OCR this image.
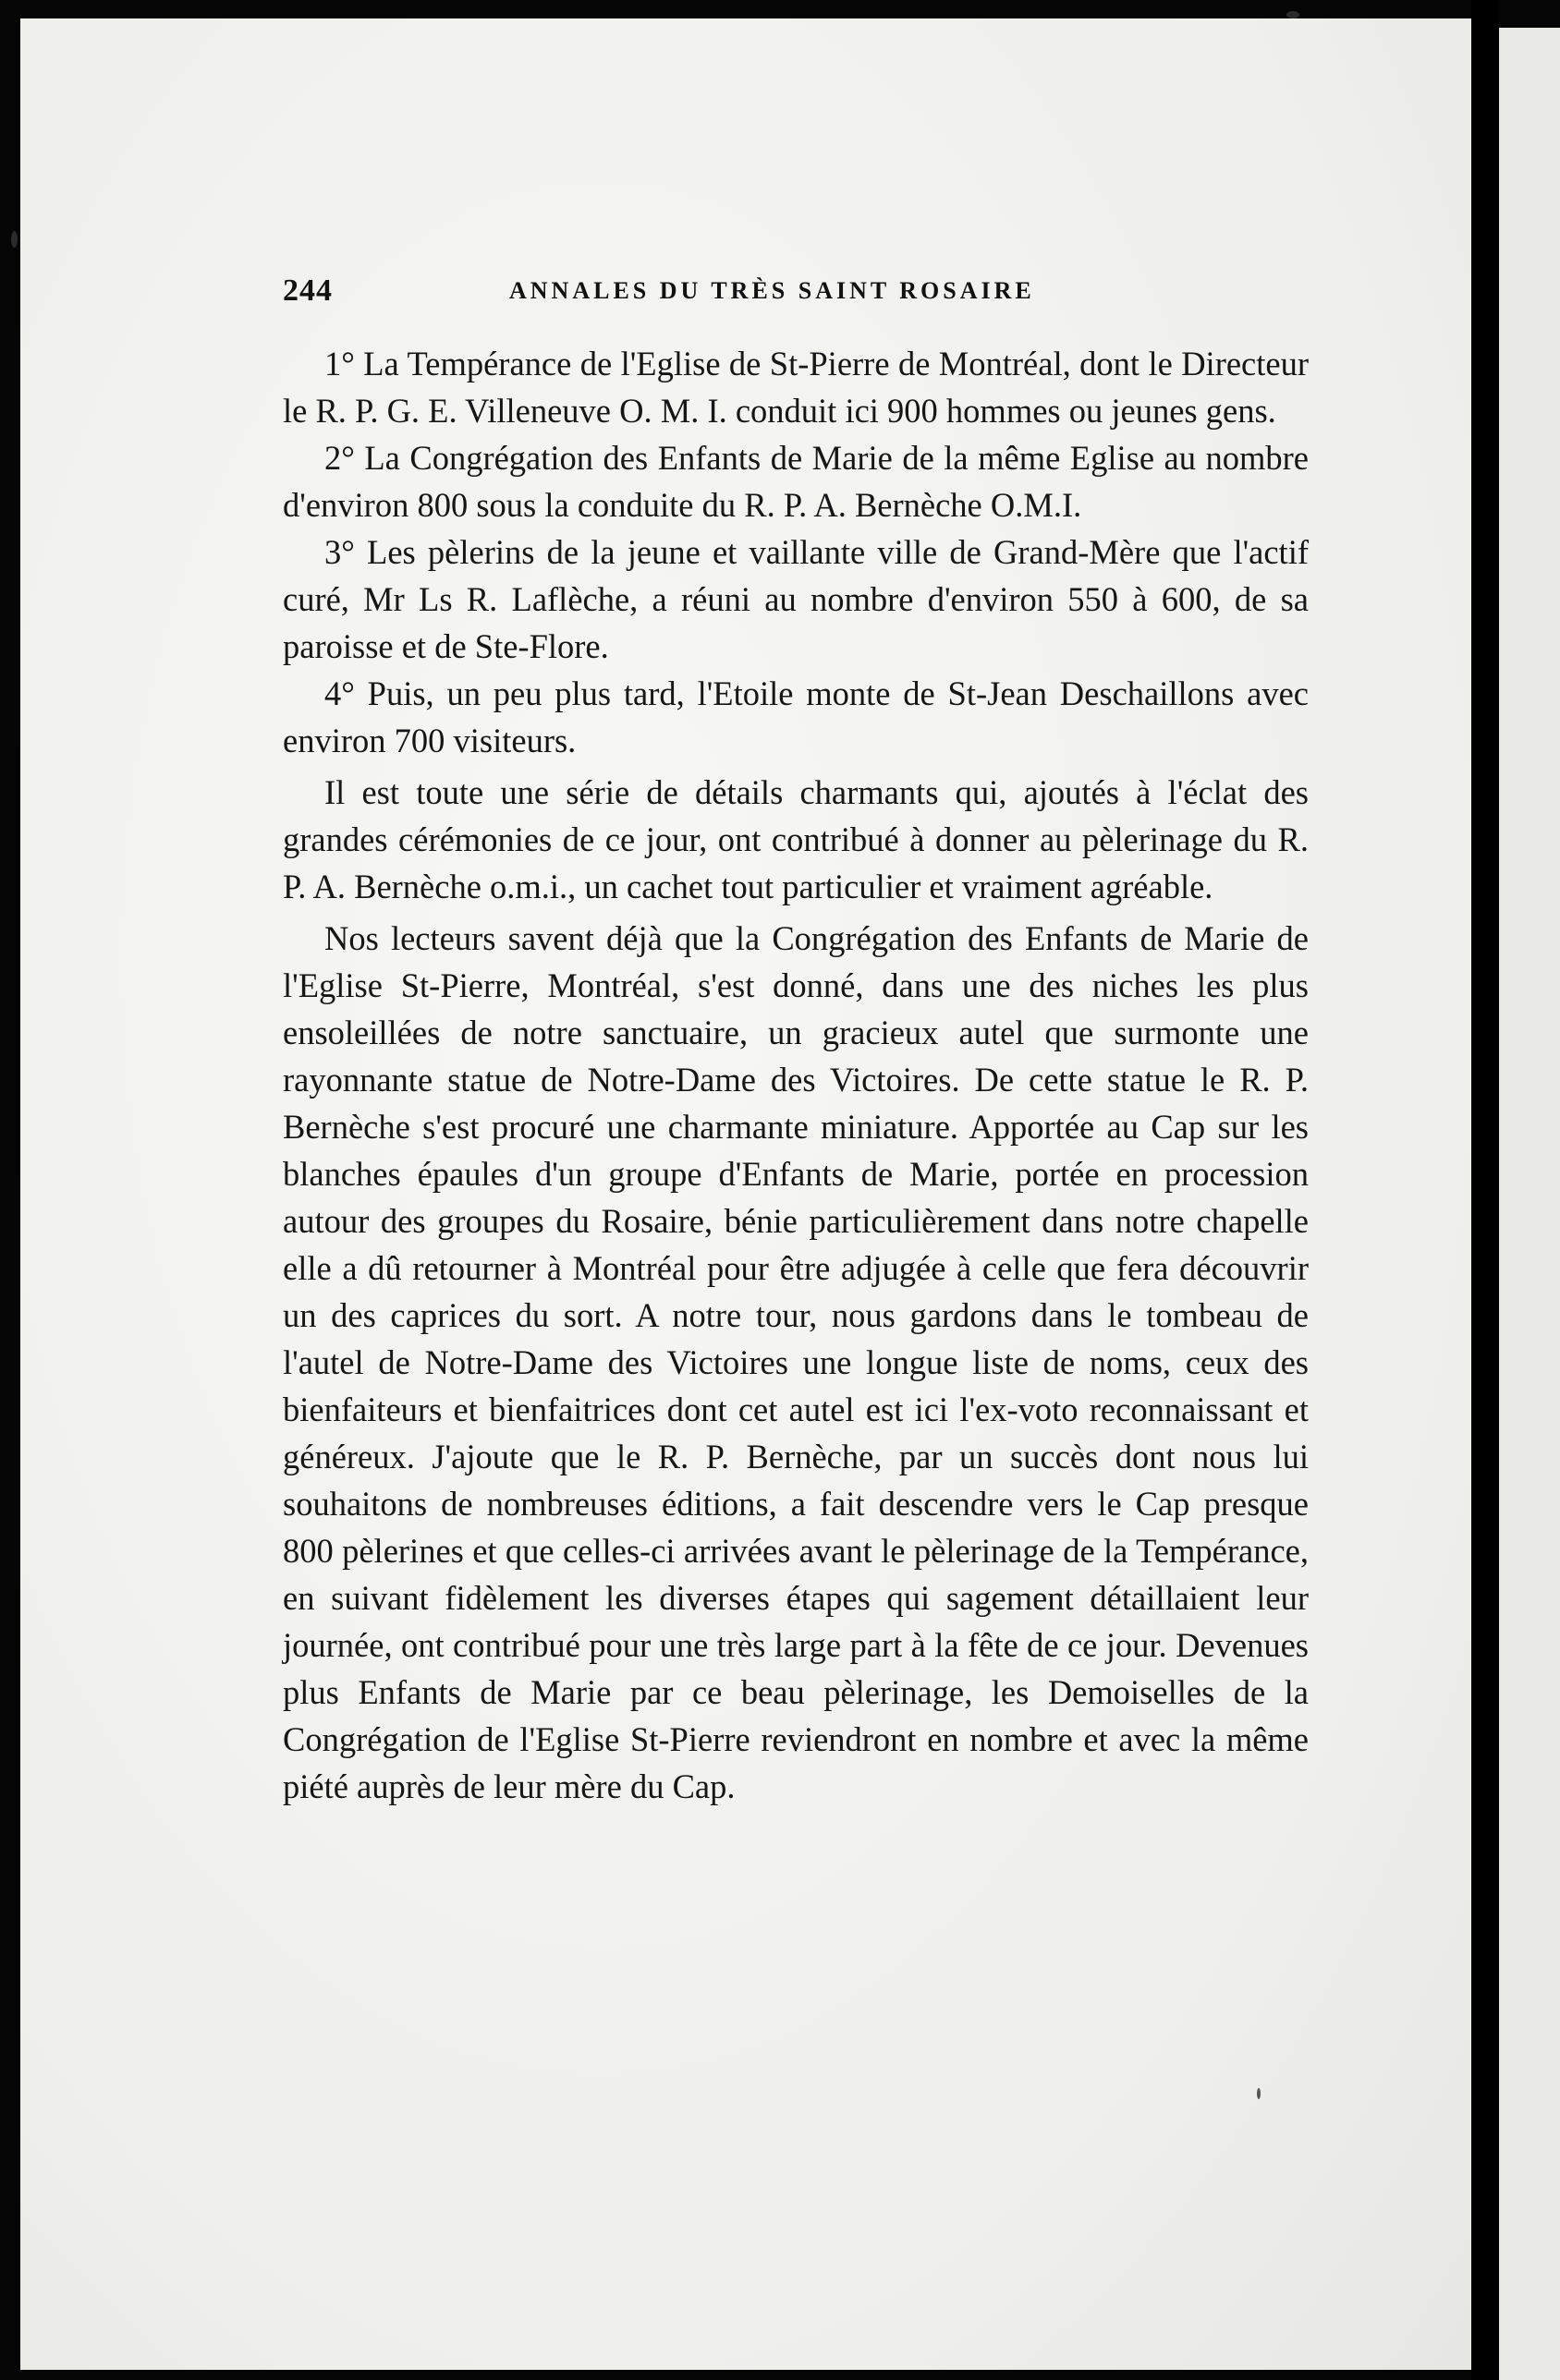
244	ANNALES DU TRÈS SAINT ROSAIRE

1° La Tempérance de l'Eglise de St-Pierre de Montréal, dont le Directeur le R. P. G. E. Villeneuve O. M. I. conduit ici 900 hommes ou jeunes gens.

2° La Congrégation des Enfants de Marie de la même Eglise au nombre d'environ 800 sous la conduite du R. P. A. Bernèche O.M.I.

3° Les pèlerins de la jeune et vaillante ville de Grand-Mère que l'actif curé, Mr Ls R. Laflèche, a réuni au nombre d'environ 550 à 600, de sa paroisse et de Ste-Flore.

4° Puis, un peu plus tard, l'Etoile monte de St-Jean Deschaillons avec environ 700 visiteurs.

Il est toute une série de détails charmants qui, ajoutés à l'éclat des grandes cérémonies de ce jour, ont contribué à donner au pèlerinage du R. P. A. Bernèche o.m.i., un cachet tout particulier et vraiment agréable.

Nos lecteurs savent déjà que la Congrégation des Enfants de Marie de l'Eglise St-Pierre, Montréal, s'est donné, dans une des niches les plus ensoleillées de notre sanctuaire, un gracieux autel que surmonte une rayonnante statue de Notre-Dame des Victoires. De cette statue le R. P. Bernèche s'est procuré une charmante miniature. Apportée au Cap sur les blanches épaules d'un groupe d'Enfants de Marie, portée en procession autour des groupes du Rosaire, bénie particulièrement dans notre chapelle elle a dû retourner à Montréal pour être adjugée à celle que fera découvrir un des caprices du sort. A notre tour, nous gardons dans le tombeau de l'autel de Notre-Dame des Victoires une longue liste de noms, ceux des bienfaiteurs et bienfaitrices dont cet autel est ici l'ex-voto reconnaissant et généreux. J'ajoute que le R. P. Bernèche, par un succès dont nous lui souhaitons de nombreuses éditions, a fait descendre vers le Cap presque 800 pèlerines et que celles-ci arrivées avant le pèlerinage de la Tempérance, en suivant fidèlement les diverses étapes qui sagement détaillaient leur journée, ont contribué pour une très large part à la fête de ce jour. Devenues plus Enfants de Marie par ce beau pèlerinage, les Demoiselles de la Congrégation de l'Eglise St-Pierre reviendront en nombre et avec la même piété auprès de leur mère du Cap.
